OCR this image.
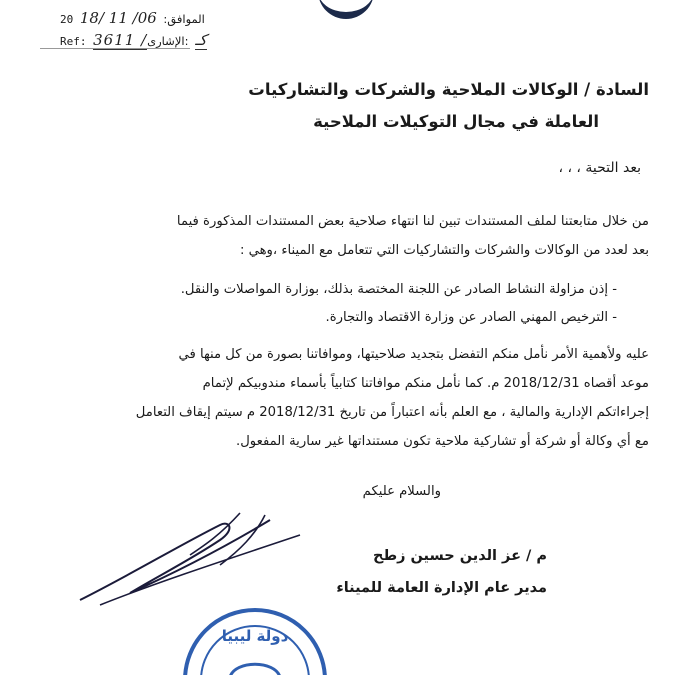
20 18/ 11 /06 :الموافق
Ref: 3611 /كـ :الإشارى
السادة / الوكالات الملاحية والشركات والتشاركيات
العاملة في مجال التوكيلات الملاحية
بعد التحية ، ، ،
من خلال متابعتنا لملف المستندات تبين لنا انتهاء صلاحية بعض المستندات المذكورة فيما
بعد لعدد من الوكالات والشركات والتشاركيات التي تتعامل مع الميناء ،وهي :
- إذن مزاولة النشاط الصادر عن اللجنة المختصة بذلك، بوزارة المواصلات والنقل.
- الترخيص المهني الصادر عن وزارة الاقتصاد والتجارة.
عليه ولأهمية الأمر نأمل منكم التفضل بتجديد صلاحيتها، وموافاتنا بصورة من كل منها في
موعد أقصاه 2018/12/31 م. كما نأمل منكم موافاتنا كتابياً بأسماء مندوبيكم لإتمام
إجراءاتكم الإدارية والمالية ، مع العلم بأنه اعتباراً من تاريخ 2018/12/31 م سيتم إيقاف التعامل
مع أي وكالة أو شركة أو تشاركية ملاحية تكون مستنداتها غير سارية المفعول.
والسلام عليكم
م / عز الدين حسين زطح
مدير عام الإدارة العامة للميناء
دولة ليبيا
